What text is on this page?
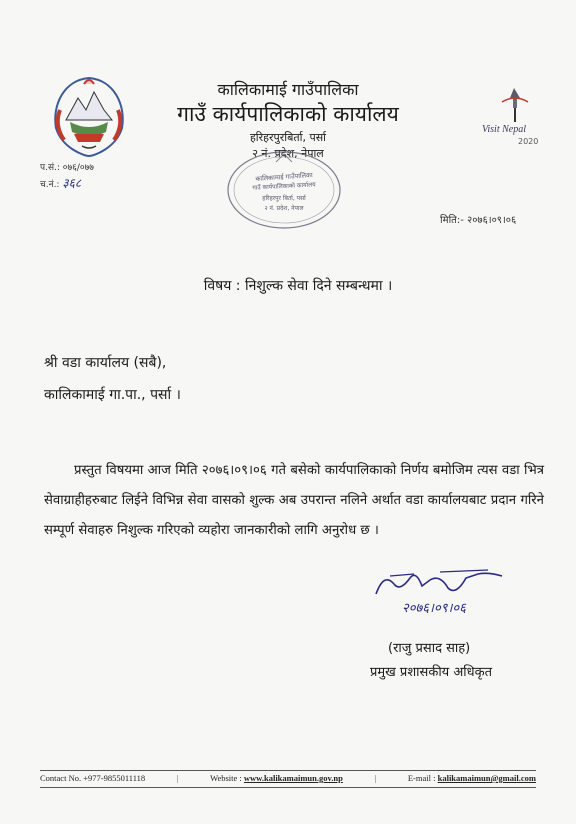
Visit Nepal
2020
कालिकामाई गाउँपालिका
गाउँ कार्यपालिकाको कार्यालय
हरिहरपुरबिर्ता, पर्सा
२ नं. प्रदेश, नेपाल
प.सं.: ०७६/०७७
च.नं.: ३६८	कालिकामाई गाउँपालिका
गाउँ कार्यपालिकाको कार्यालय
हरिहरपुर बिर्ता, पर्सा
२ नं. प्रदेश, नेपाल
मिति:- २०७६।०९।०६
विषय : निशुल्क सेवा दिने सम्बन्धमा ।
श्री वडा कार्यालय (सबै),
कालिकामाई गा.पा., पर्सा ।
प्रस्तुत विषयमा आज मिति २०७६।०९।०६ गते बसेको कार्यपालिकाको निर्णय बमोजिम त्यस वडा भित्र सेवाग्राहीहरुबाट लिईने विभिन्न सेवा वासको शुल्क अब उपरान्त नलिने अर्थात वडा कार्यालयबाट प्रदान गरिने सम्पूर्ण सेवाहरु निशुल्क गरिएको व्यहोरा जानकारीको लागि अनुरोध छ ।
२०७६।०९।०६
(राजु प्रसाद साह)
प्रमुख प्रशासकीय अधिकृत
Contact No. +977-9855011118	|	Website : www.kalikamaimun.gov.np	|	E-mail : kalikamaimun@gmail.com
